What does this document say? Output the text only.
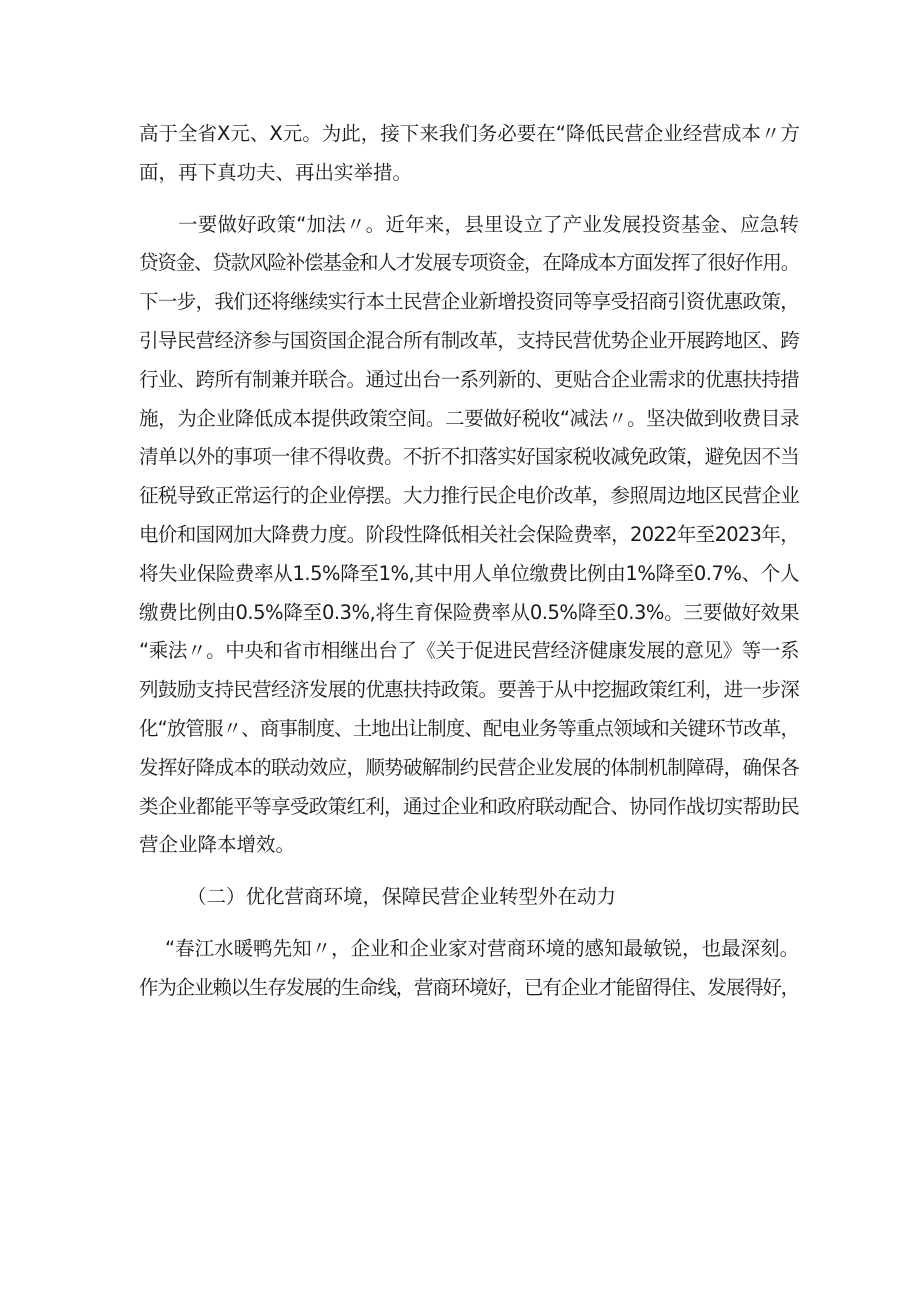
高于全省X元、X元。为此，接下来我们务必要在“降低民营企业经营成本〃方
面，再下真功夫、再出实举措。
一要做好政策“加法〃。近年来，县里设立了产业发展投资基金、应急转
贷资金、贷款风险补偿基金和人才发展专项资金，在降成本方面发挥了很好作用。
下一步，我们还将继续实行本土民营企业新增投资同等享受招商引资优惠政策，
引导民营经济参与国资国企混合所有制改革，支持民营优势企业开展跨地区、跨
行业、跨所有制兼并联合。通过出台一系列新的、更贴合企业需求的优惠扶持措
施，为企业降低成本提供政策空间。二要做好税收“减法〃。坚决做到收费目录
清单以外的事项一律不得收费。不折不扣落实好国家税收减免政策，避免因不当
征税导致正常运行的企业停摆。大力推行民企电价改革，参照周边地区民营企业
电价和国网加大降费力度。阶段性降低相关社会保险费率，2022年至2023年，
将失业保险费率从1.5%降至1%,其中用人单位缴费比例由1%降至0.7%、个人
缴费比例由0.5%降至0.3%,将生育保险费率从0.5%降至0.3%。三要做好效果
“乘法〃。中央和省市相继出台了《关于促进民营经济健康发展的意见》等一系
列鼓励支持民营经济发展的优惠扶持政策。要善于从中挖掘政策红利，进一步深
化“放管服〃、商事制度、土地出让制度、配电业务等重点领域和关键环节改革，
发挥好降成本的联动效应，顺势破解制约民营企业发展的体制机制障碍，确保各
类企业都能平等享受政策红利，通过企业和政府联动配合、协同作战切实帮助民
营企业降本增效。
（二）优化营商环境，保障民营企业转型外在动力
“春江水暖鸭先知〃，企业和企业家对营商环境的感知最敏锐，也最深刻。
作为企业赖以生存发展的生命线，营商环境好，已有企业才能留得住、发展得好，
